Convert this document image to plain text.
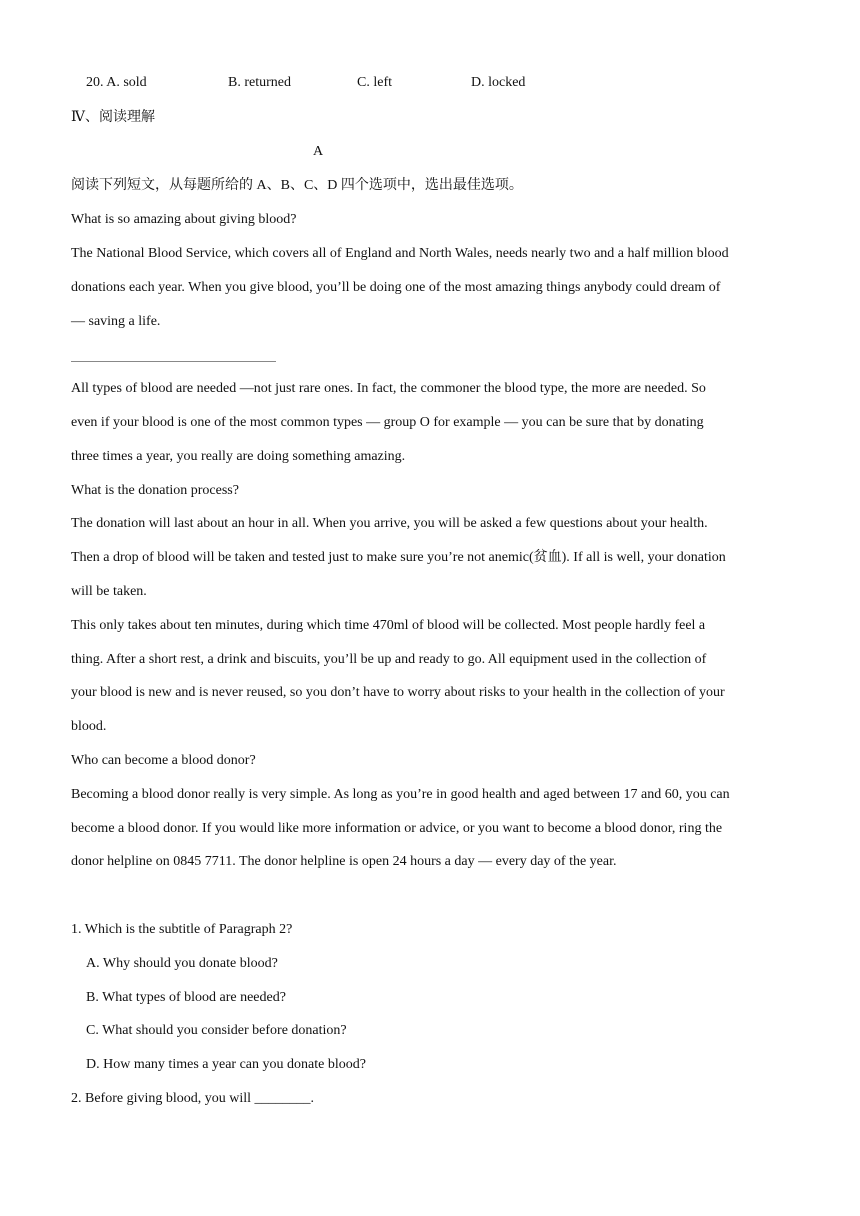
20. A. sold	B. returned	C. left	D. locked
Ⅳ、阅读理解
A
阅读下列短文，从每题所给的 A、B、C、D 四个选项中，选出最佳选项。
What is so amazing about giving blood?
The National Blood Service, which covers all of England and North Wales, needs nearly two and a half million blood
donations each year. When you give blood, you’ll be doing one of the most amazing things anybody could dream of
— saving a life.
All types of blood are needed —not just rare ones. In fact, the commoner the blood type, the more are needed. So
even if your blood is one of the most common types — group O for example — you can be sure that by donating
three times a year, you really are doing something amazing.
What is the donation process?
The donation will last about an hour in all. When you arrive, you will be asked a few questions about your health.
Then a drop of blood will be taken and tested just to make sure you’re not anemic(贫血). If all is well, your donation
will be taken.
This only takes about ten minutes, during which time 470ml of blood will be collected. Most people hardly feel a
thing. After a short rest, a drink and biscuits, you’ll be up and ready to go. All equipment used in the collection of
your blood is new and is never reused, so you don’t have to worry about risks to your health in the collection of your
blood.
Who can become a blood donor?
Becoming a blood donor really is very simple. As long as you’re in good health and aged between 17 and 60, you can
become a blood donor. If you would like more information or advice, or you want to become a blood donor, ring the
donor helpline on 0845 7711. The donor helpline is open 24 hours a day — every day of the year.
1. Which is the subtitle of Paragraph 2?
A. Why should you donate blood?
B. What types of blood are needed?
C. What should you consider before donation?
D. How many times a year can you donate blood?
2. Before giving blood, you will ________.
